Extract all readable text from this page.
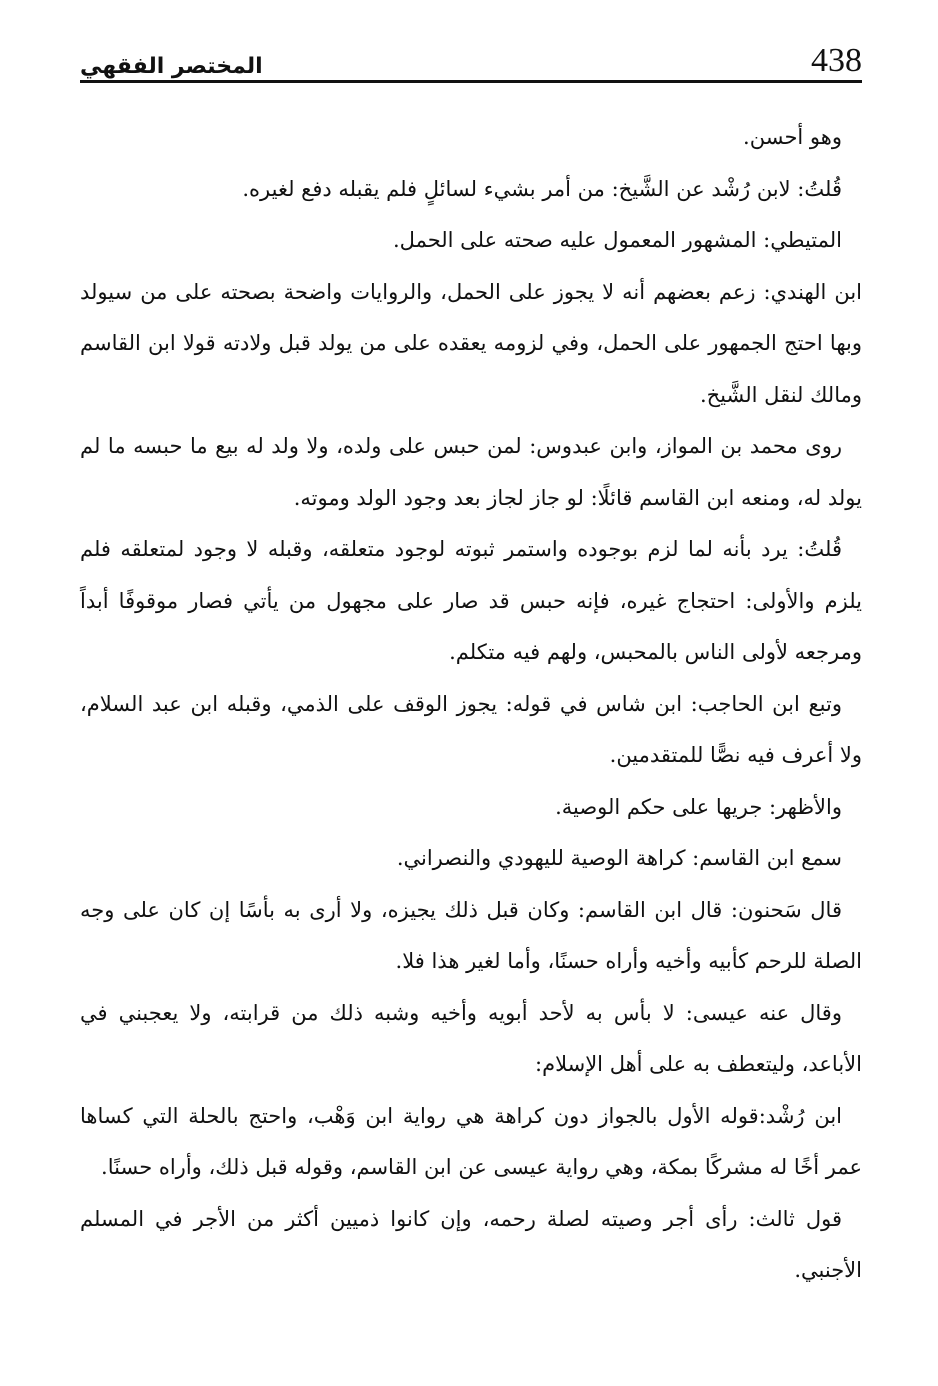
المختصر الفقهي	438

وهو أحسن.

قُلتُ: لابن رُشْد عن الشَّيخ: من أمر بشيء لسائلٍ فلم يقبله دفع لغيره.

المتيطي: المشهور المعمول عليه صحته على الحمل.

ابن الهندي: زعم بعضهم أنه لا يجوز على الحمل، والروايات واضحة بصحته على من سيولد وبها احتج الجمهور على الحمل، وفي لزومه يعقده على من يولد قبل ولادته قولا ابن القاسم ومالك لنقل الشَّيخ.

روى محمد بن المواز، وابن عبدوس: لمن حبس على ولده، ولا ولد له بيع ما حبسه ما لم يولد له، ومنعه ابن القاسم قائلًا: لو جاز لجاز بعد وجود الولد وموته.

قُلتُ: يرد بأنه لما لزم بوجوده واستمر ثبوته لوجود متعلقه، وقبله لا وجود لمتعلقه فلم يلزم والأولى: احتجاج غيره، فإنه حبس قد صار على مجهول من يأتي فصار موقوفًا أبداً ومرجعه لأولى الناس بالمحبس، ولهم فيه متكلم.

وتبع ابن الحاجب: ابن شاس في قوله: يجوز الوقف على الذمي، وقبله ابن عبد السلام، ولا أعرف فيه نصًّا للمتقدمين.

والأظهر: جريها على حكم الوصية.

سمع ابن القاسم: كراهة الوصية لليهودي والنصراني.

قال سَحنون: قال ابن القاسم: وكان قبل ذلك يجيزه، ولا أرى به بأسًا إن كان على وجه الصلة للرحم كأبيه وأخيه وأراه حسنًا، وأما لغير هذا فلا.

وقال عنه عيسى: لا بأس به لأحد أبويه وأخيه وشبه ذلك من قرابته، ولا يعجبني في الأباعد، وليتعطف به على أهل الإسلام:

ابن رُشْد:قوله الأول بالجواز دون كراهة هي رواية ابن وَهْب، واحتج بالحلة التي كساها عمر أخًا له مشركًا بمكة، وهي رواية عيسى عن ابن القاسم، وقوله قبل ذلك، وأراه حسنًا.

قول ثالث: رأى أجر وصيته لصلة رحمه، وإن كانوا ذميين أكثر من الأجر في المسلم الأجنبي.
